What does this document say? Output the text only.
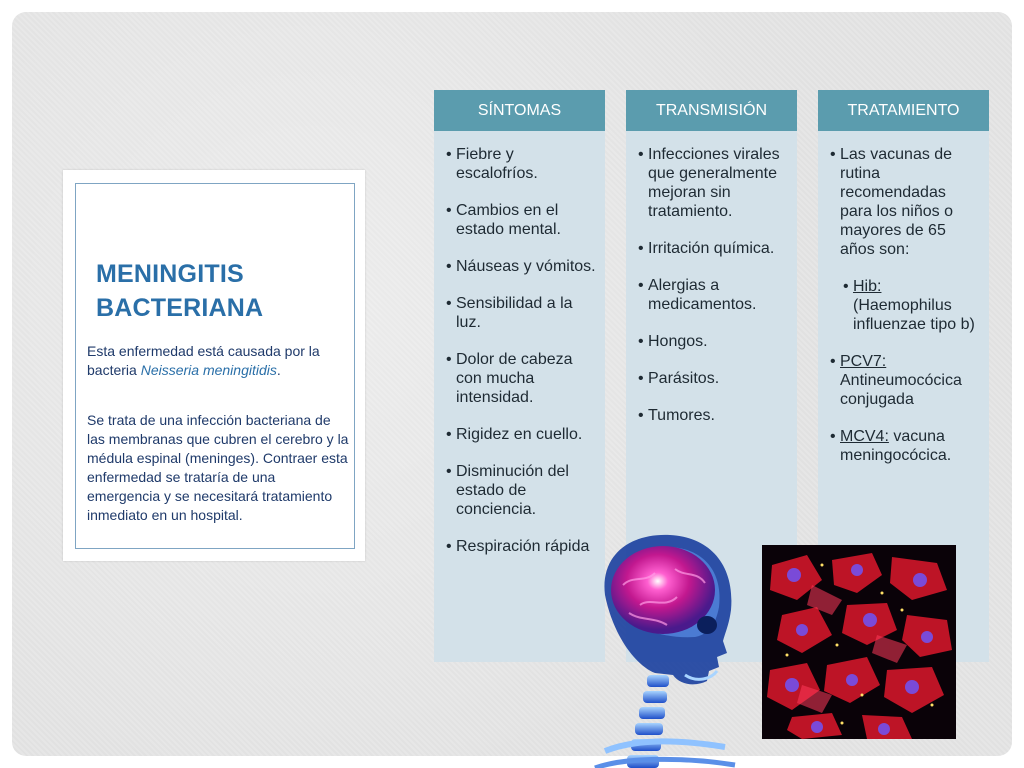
MENINGITIS
BACTERIANA

Esta enfermedad está causada por la bacteria Neisseria meningitidis.

Se trata de una infección bacteriana de las membranas que cubren el cerebro y la médula espinal (meninges). Contraer esta enfermedad se trataría de una emergencia y se necesitará tratamiento inmediato en un hospital.

SÍNTOMAS
• Fiebre y escalofríos.
• Cambios en el estado mental.
• Náuseas y vómitos.
• Sensibilidad a la luz.
• Dolor de cabeza con mucha intensidad.
• Rigidez en cuello.
• Disminución del estado de conciencia.
• Respiración rápida
TRANSMISIÓN
• Infecciones virales que generalmente mejoran sin tratamiento.
• Irritación química.
• Alergias a medicamentos.
• Hongos.
• Parásitos.
• Tumores.
TRATAMIENTO
• Las vacunas de rutina recomendadas para los niños o mayores de 65 años son:
• Hib: (Haemophilus influenzae tipo b)
• PCV7: Antineumocócica conjugada
• MCV4: vacuna meningocócica.
